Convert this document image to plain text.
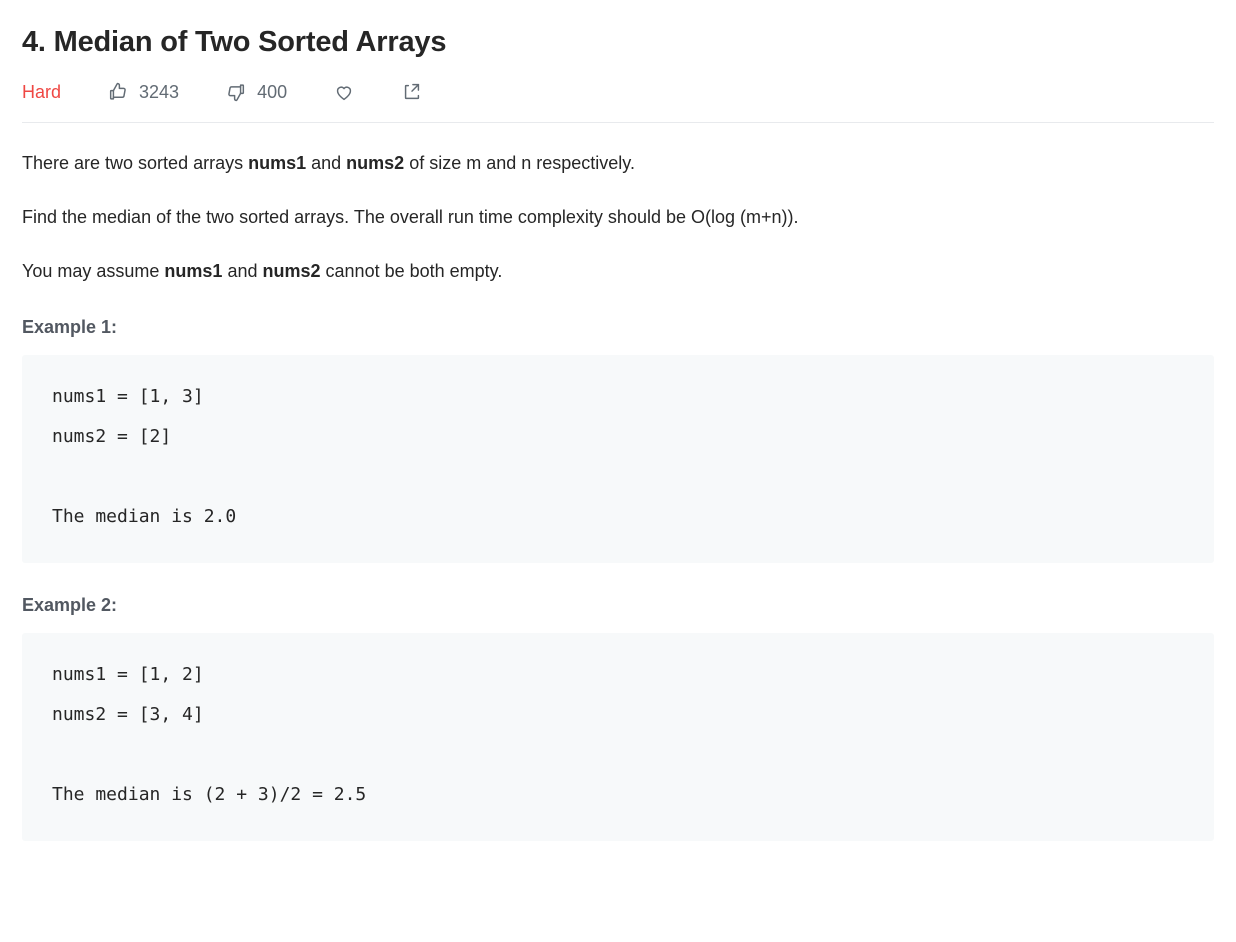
4. Median of Two Sorted Arrays
Hard	3243	400

There are two sorted arrays nums1 and nums2 of size m and n respectively.

Find the median of the two sorted arrays. The overall run time complexity should be O(log (m+n)).

You may assume nums1 and nums2 cannot be both empty.

Example 1:
nums1 = [1, 3]
nums2 = [2]

The median is 2.0
Example 2:
nums1 = [1, 2]
nums2 = [3, 4]

The median is (2 + 3)/2 = 2.5
